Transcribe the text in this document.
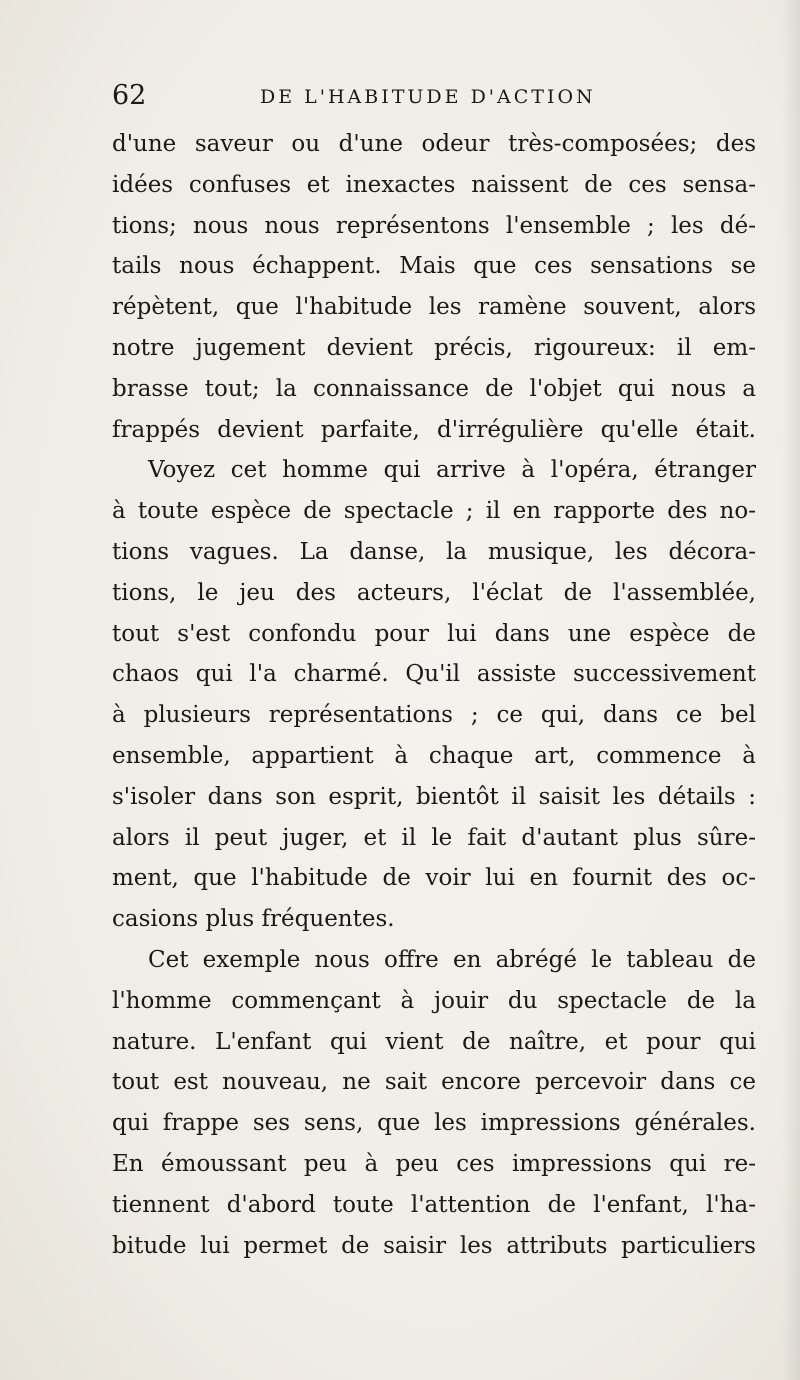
62	DE L'HABITUDE D'ACTION
d'une saveur ou d'une odeur très-composées; des
idées confuses et inexactes naissent de ces sensa-
tions; nous nous représentons l'ensemble ; les dé-
tails nous échappent. Mais que ces sensations se
répètent, que l'habitude les ramène souvent, alors
notre jugement devient précis, rigoureux: il em-
brasse tout; la connaissance de l'objet qui nous a
frappés devient parfaite, d'irrégulière qu'elle était.
Voyez cet homme qui arrive à l'opéra, étranger
à toute espèce de spectacle ; il en rapporte des no-
tions vagues. La danse, la musique, les décora-
tions, le jeu des acteurs, l'éclat de l'assemblée,
tout s'est confondu pour lui dans une espèce de
chaos qui l'a charmé. Qu'il assiste successivement
à plusieurs représentations ; ce qui, dans ce bel
ensemble, appartient à chaque art, commence à
s'isoler dans son esprit, bientôt il saisit les détails :
alors il peut juger, et il le fait d'autant plus sûre-
ment, que l'habitude de voir lui en fournit des oc-
casions plus fréquentes.
Cet exemple nous offre en abrégé le tableau de
l'homme commençant à jouir du spectacle de la
nature. L'enfant qui vient de naître, et pour qui
tout est nouveau, ne sait encore percevoir dans ce
qui frappe ses sens, que les impressions générales.
En émoussant peu à peu ces impressions qui re-
tiennent d'abord toute l'attention de l'enfant, l'ha-
bitude lui permet de saisir les attributs particuliers
